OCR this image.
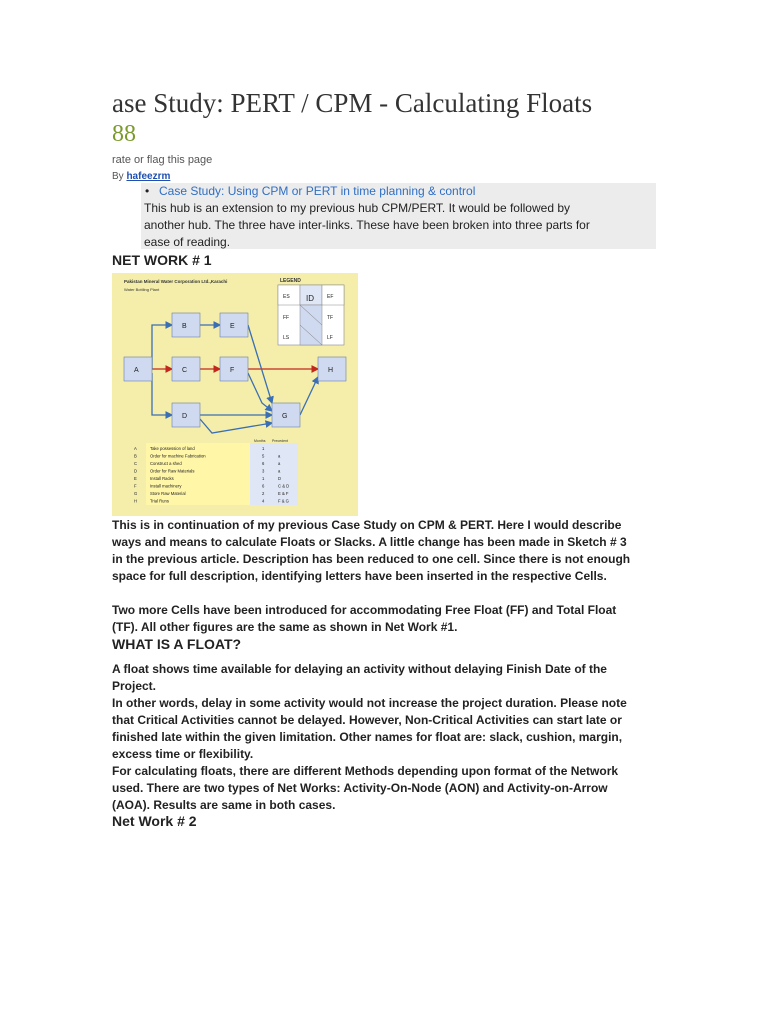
ase Study: PERT / CPM - Calculating Floats
88
rate or flag this page
By hafeezrm
• Case Study: Using CPM or PERT in time planning & control
This hub is an extension to my previous hub CPM/PERT. It would be followed by
another hub. The three have inter-links. These have been broken into three parts for
ease of reading.
NET WORK # 1
Pakistan Mineral Water Corporation Ltd.,Karachi
Water Bottling Plant
LEGEND
ES ID	EF
FF	TF
LS	LF
A
B
C
D
E
F
G
H
Months Precedent
A	Take possession of land	1
B	Order for machine Fabrication	5	a
C	Construct a shed	6	a
D	Order for Raw Materials	3	a
E	Install Racks	1	D
F	Install machinery	6	C & D
G	Store Raw Material	2	E & F
H	Trial Runs	4	F & G
This is in continuation of my previous Case Study on CPM & PERT. Here I would describe ways and means to calculate Floats or Slacks. A little change has been made in Sketch # 3 in the previous article. Description has been reduced to one cell. Since there is not enough space for full description, identifying letters have been inserted in the respective Cells.
Two more Cells have been introduced for accommodating Free Float (FF) and Total Float (TF). All other figures are the same as shown in Net Work #1.
WHAT IS A FLOAT?
A float shows time available for delaying an activity without delaying Finish Date of the Project.
In other words, delay in some activity would not increase the project duration. Please note that Critical Activities cannot be delayed. However, Non-Critical Activities can start late or finished late within the given limitation. Other names for float are: slack, cushion, margin, excess time or flexibility.
For calculating floats, there are different Methods depending upon format of the Network used. There are two types of Net Works: Activity-On-Node (AON) and Activity-on-Arrow (AOA). Results are same in both cases.
Net Work # 2
